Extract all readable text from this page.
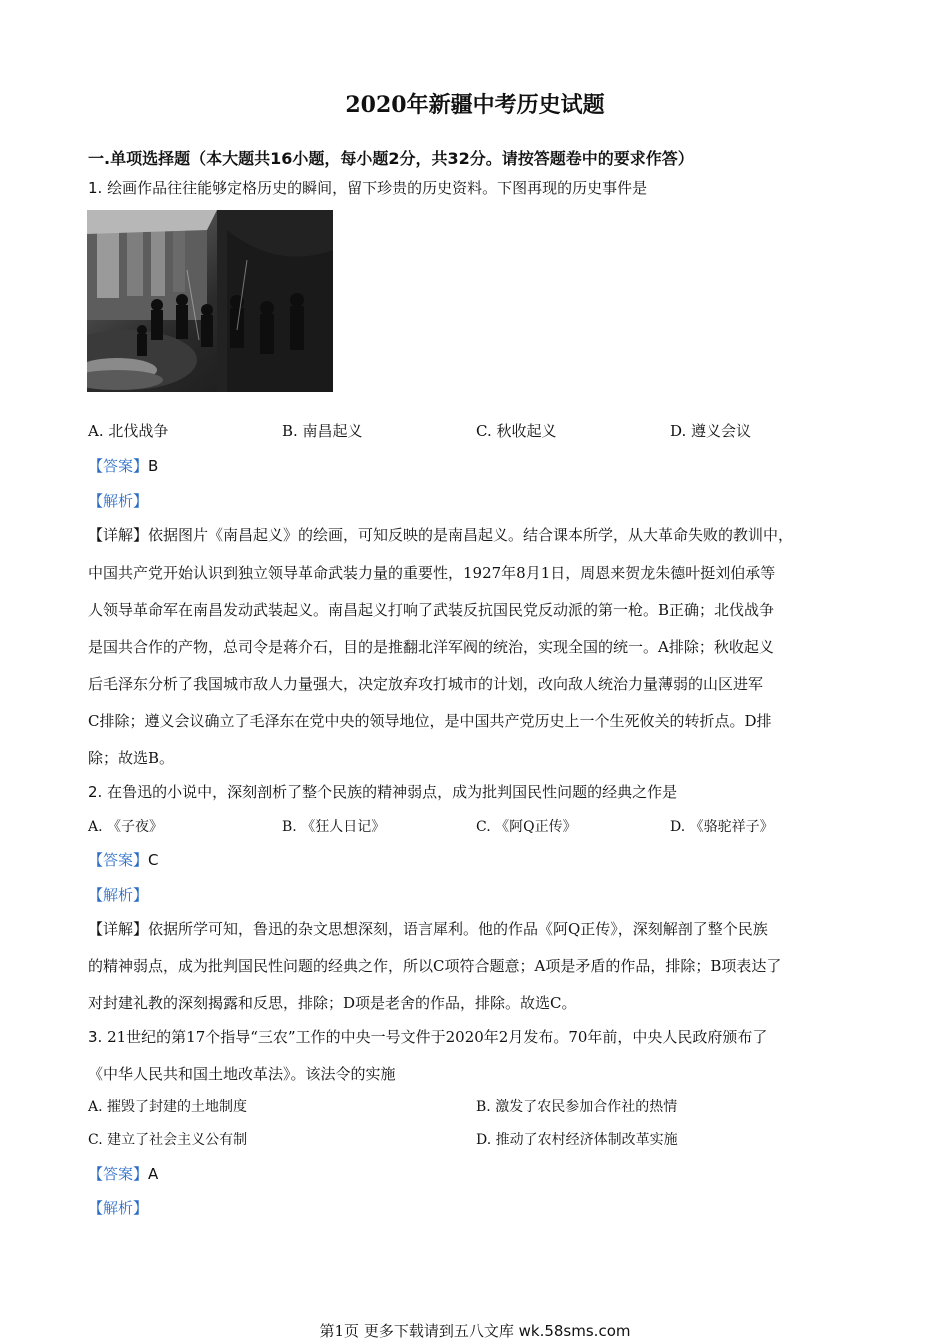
2020年新疆中考历史试题
一.单项选择题（本大题共16小题，每小题2分，共32分。请按答题卷中的要求作答）
1. 绘画作品往往能够定格历史的瞬间，留下珍贵的历史资料。下图再现的历史事件是
A. 北伐战争	B. 南昌起义	C. 秋收起义	D. 遵义会议
【答案】B
【解析】
【详解】依据图片《南昌起义》的绘画，可知反映的是南昌起义。结合课本所学，从大革命失败的教训中，
中国共产党开始认识到独立领导革命武装力量的重要性，1927年8月1日，周恩来贺龙朱德叶挺刘伯承等
人领导革命军在南昌发动武装起义。南昌起义打响了武装反抗国民党反动派的第一枪。B正确；北伐战争
是国共合作的产物，总司令是蒋介石，目的是推翻北洋军阀的统治，实现全国的统一。A排除；秋收起义
后毛泽东分析了我国城市敌人力量强大，决定放弃攻打城市的计划，改向敌人统治力量薄弱的山区进军
C排除；遵义会议确立了毛泽东在党中央的领导地位，是中国共产党历史上一个生死攸关的转折点。D排
除；故选B。
2. 在鲁迅的小说中，深刻剖析了整个民族的精神弱点，成为批判国民性问题的经典之作是
A. 《子夜》	B. 《狂人日记》	C. 《阿Q正传》	D. 《骆驼祥子》
【答案】C
【解析】
【详解】依据所学可知，鲁迅的杂文思想深刻，语言犀利。他的作品《阿Q正传》，深刻解剖了整个民族
的精神弱点，成为批判国民性问题的经典之作，所以C项符合题意；A项是矛盾的作品，排除；B项表达了
对封建礼教的深刻揭露和反思，排除；D项是老舍的作品，排除。故选C。
3. 21世纪的第17个指导“三农”工作的中央一号文件于2020年2月发布。70年前，中央人民政府颁布了
《中华人民共和国土地改革法》。该法令的实施
A. 摧毁了封建的土地制度	B. 激发了农民参加合作社的热情
C. 建立了社会主义公有制	D. 推动了农村经济体制改革实施
【答案】A
【解析】
第1页 更多下载请到五八文库 wk.58sms.com
